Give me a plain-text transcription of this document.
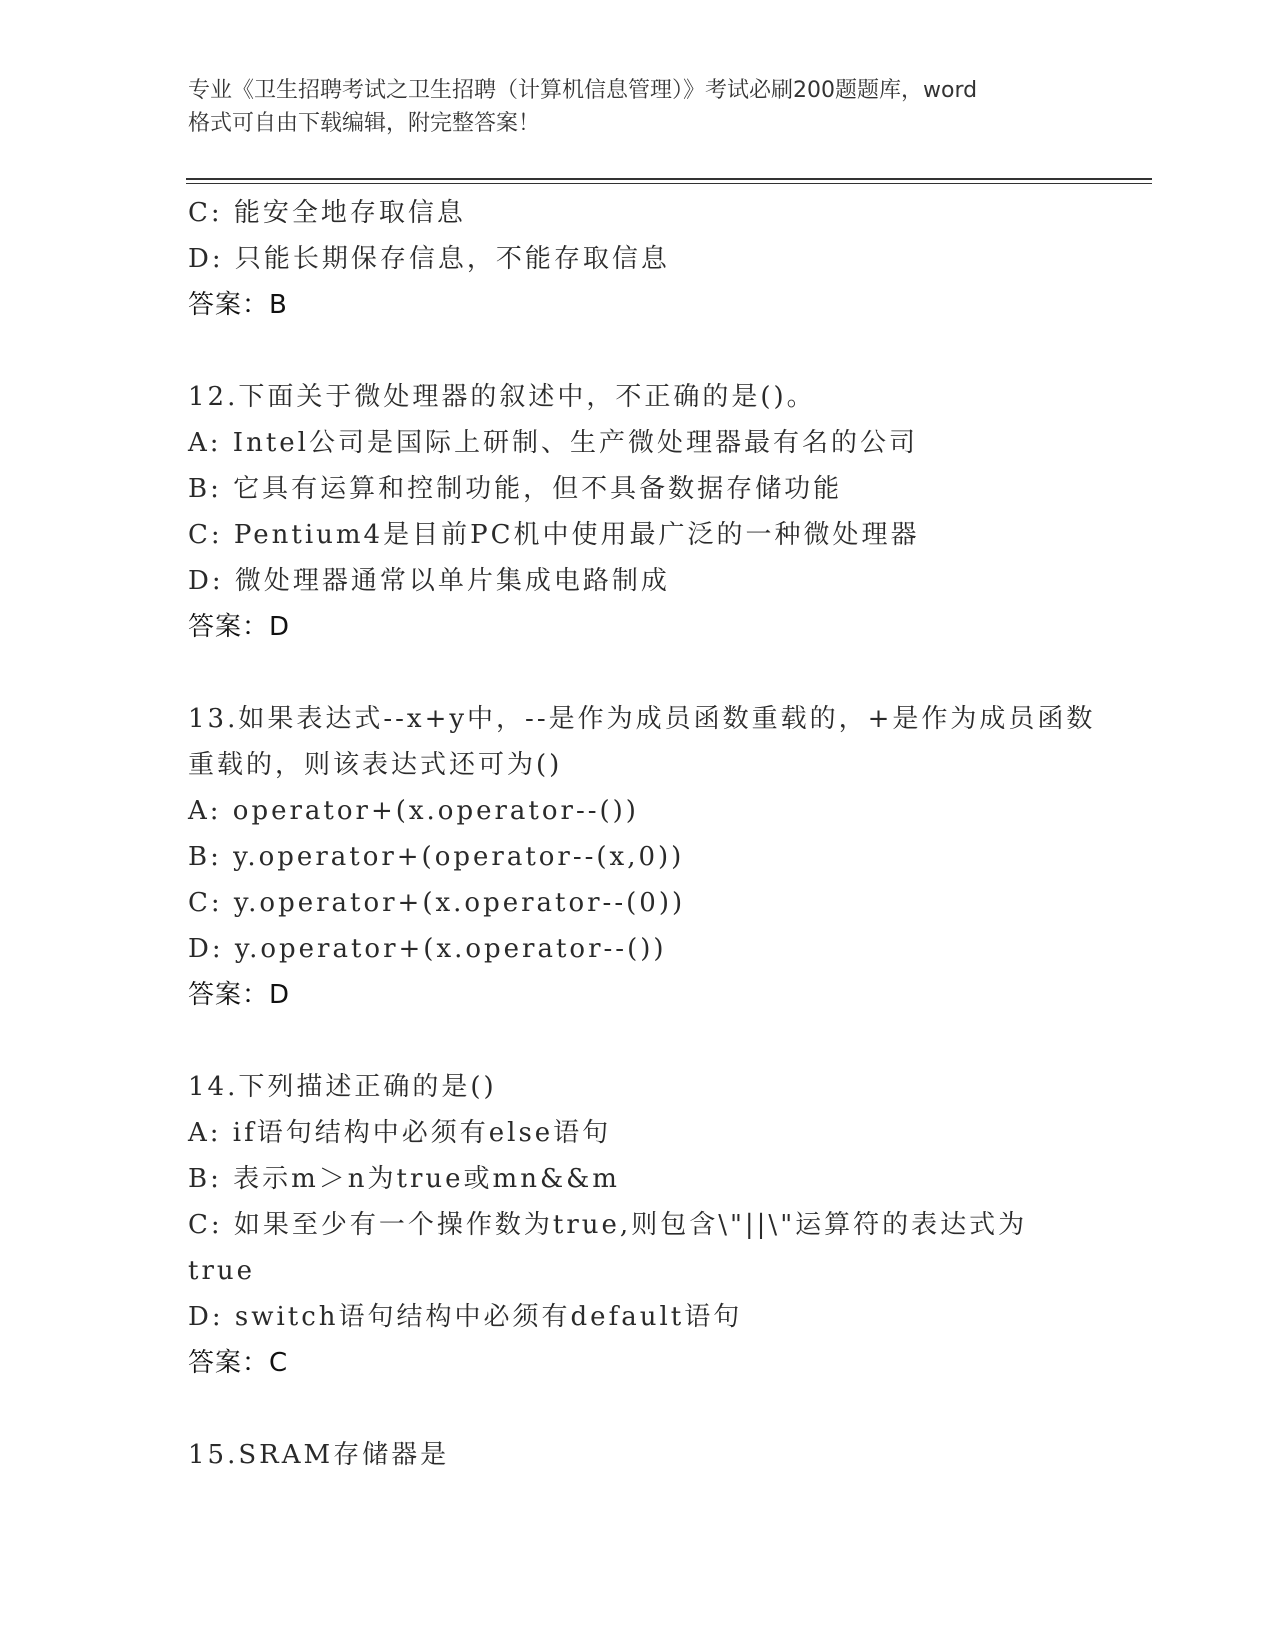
专业《卫生招聘考试之卫生招聘（计算机信息管理）》考试必刷200题题库，word
格式可自由下载编辑，附完整答案！
C: 能安全地存取信息
D: 只能长期保存信息，不能存取信息
答案：B
12.下面关于微处理器的叙述中，不正确的是()。
A: Intel公司是国际上研制、生产微处理器最有名的公司
B: 它具有运算和控制功能，但不具备数据存储功能
C: Pentium4是目前PC机中使用最广泛的一种微处理器
D: 微处理器通常以单片集成电路制成
答案：D
13.如果表达式--x+y中，--是作为成员函数重载的，+是作为成员函数
重载的，则该表达式还可为()
A: operator+(x.operator--())
B: y.operator+(operator--(x,0))
C: y.operator+(x.operator--(0))
D: y.operator+(x.operator--())
答案：D
14.下列描述正确的是()
A: if语句结构中必须有else语句
B: 表示m＞n为true或mn&&m
C: 如果至少有一个操作数为true,则包含\"||\"运算符的表达式为
true
D: switch语句结构中必须有default语句
答案：C
15.SRAM存储器是
